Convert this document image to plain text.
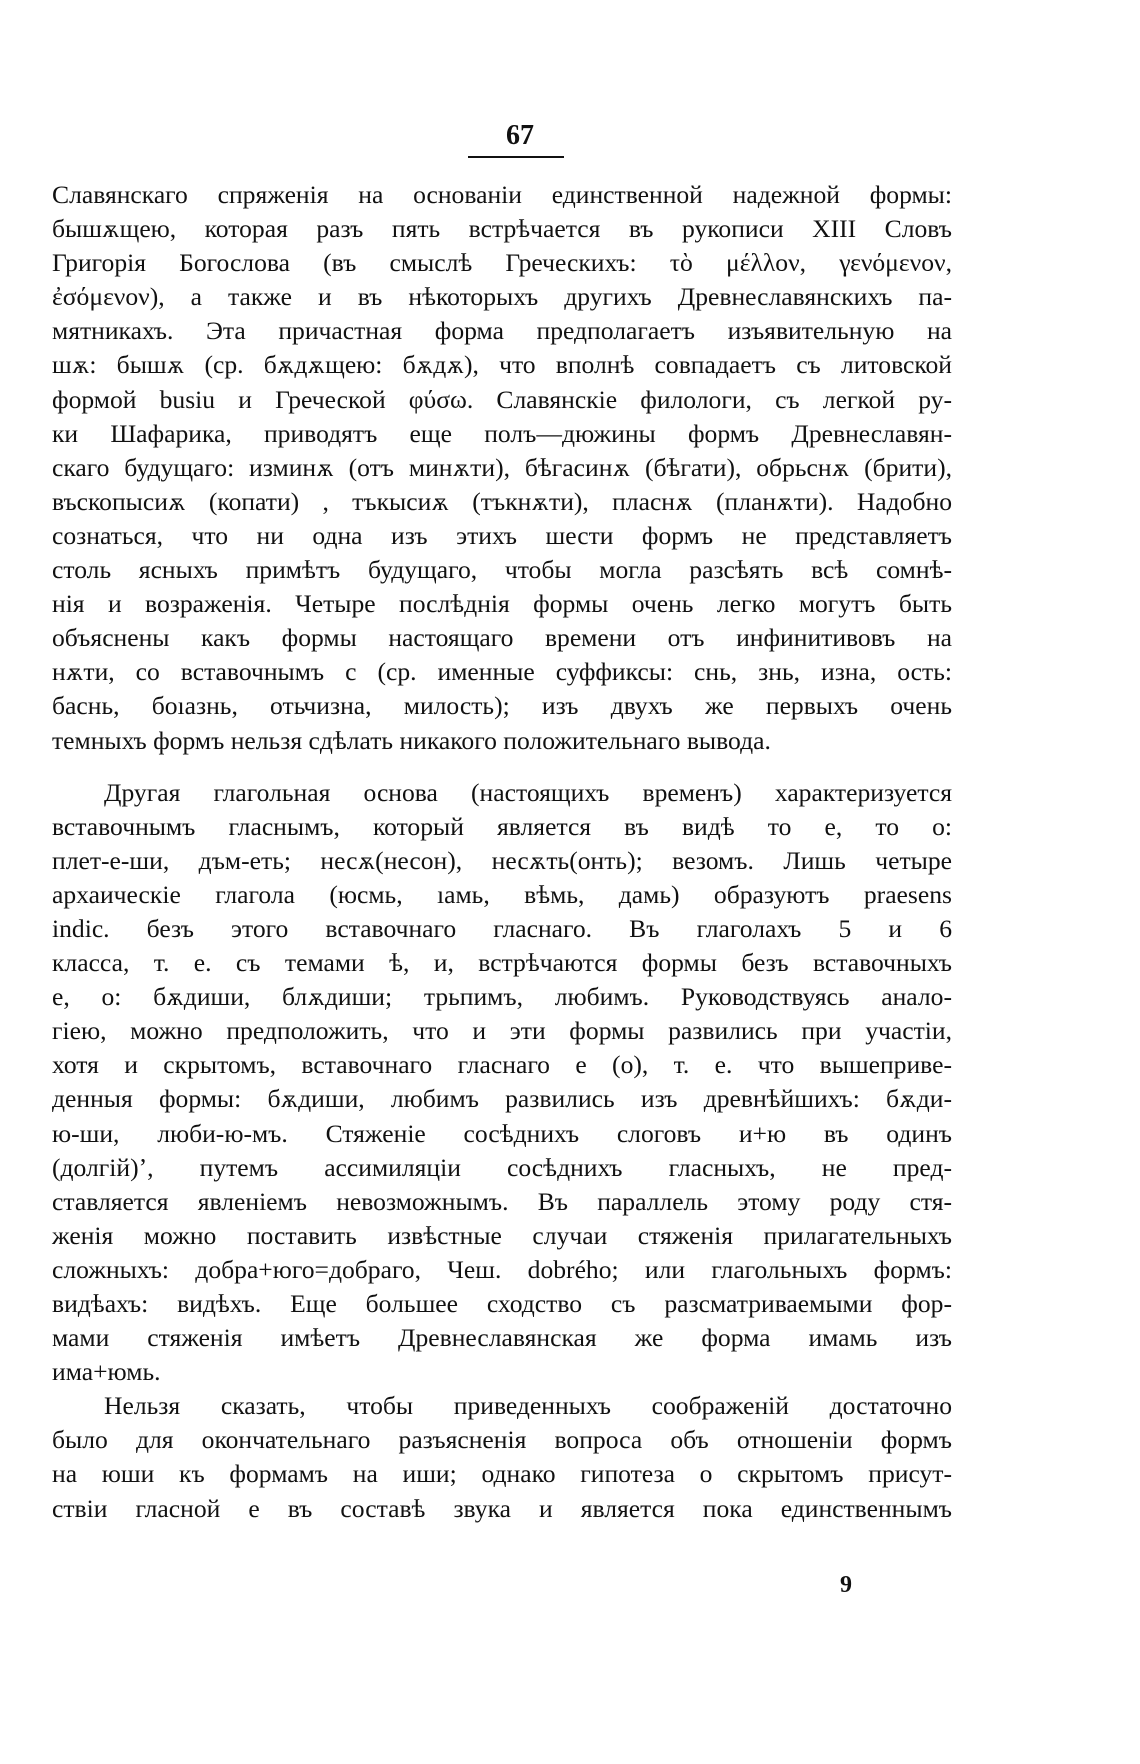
67

Славянскаго спряженія на основаніи единственной надежной формы:
бышѫщею, которая разъ пять встрѣчается въ рукописи XIII Словъ
Григорія Богослова (въ смыслѣ Греческихъ: τὸ μέλλον, γενόμενον,
ἐσόμενον), а также и въ нѣкоторыхъ другихъ Древнеславянскихъ па-
мятникахъ. Эта причастная форма предполагаетъ изъявительную на
шѫ: бышѫ (ср. бѫдѫщею: бѫдѫ), что вполнѣ совпадаетъ съ литовской
формой busiu и Греческой φύσω. Славянскіе филологи, съ легкой ру-
ки Шафарика, приводятъ еще полъ—дюжины формъ Древнеславян-
скаго будущаго: изминѫ (отъ минѫти), бѣгасинѫ (бѣгати), обрьснѫ (брити),
въскопысиѫ (копати) , тъкысиѫ (тъкнѫти), пласнѫ (планѫти). Надобно
сознаться, что ни одна изъ этихъ шести формъ не представляетъ
столь ясныхъ примѣтъ будущаго, чтобы могла разсѣять всѣ сомнѣ-
нія и возраженія. Четыре послѣднія формы очень легко могутъ быть
объяснены какъ формы настоящаго времени отъ инфинитивовъ на
нѫти, со вставочнымъ с (ср. именные суффиксы: снь, знь, изна, ость:
баснь, боıазнь, отьчизна, милость); изъ двухъ же первыхъ очень
темныхъ формъ нельзя сдѣлать никакого положительнаго вывода.

Другая глагольная основа (настоящихъ временъ) характеризуется
вставочнымъ гласнымъ, который является въ видѣ то е, то о:
плет-е-ши, дъм-еть; несѫ(несон), несѫть(онть); везомъ. Лишь четыре
архаическіе глагола (юсмь, ıамь, вѣмь, дамь) образуютъ praesens
indic. безъ этого вставочнаго гласнаго. Въ глаголахъ 5 и 6
класса, т. е. съ темами ѣ, и, встрѣчаются формы безъ вставочныхъ
е, о: бѫдиши, блѫдиши; трьпимъ, любимъ. Руководствуясь анало-
гіею, можно предположить, что и эти формы развились при участіи,
хотя и скрытомъ, вставочнаго гласнаго е (о), т. е. что вышеприве-
денныя формы: бѫдиши, любимъ развились изъ древнѣйшихъ: бѫди-
ю-ши, люби-ю-мъ. Стяженіе сосѣднихъ слоговъ и+ю въ одинъ
(долгій)ʼ, путемъ ассимиляціи сосѣднихъ гласныхъ, не пред-
ставляется явленіемъ невозможнымъ. Въ параллель этому роду стя-
женія можно поставить извѣстные случаи стяженія прилагательныхъ
сложныхъ: добра+юго=добраго, Чеш. dobrého; или глагольныхъ формъ:
видѣахъ: видѣхъ. Еще большее сходство съ разсматриваемыми фор-
мами стяженія имѣетъ Древнеславянская же форма имамь изъ
има+юмь.

Нельзя сказать, чтобы приведенныхъ соображеній достаточно
было для окончательнаго разъясненія вопроса объ отношеніи формъ
на юши къ формамъ на иши; однако гипотеза о скрытомъ присут-
ствіи гласной е въ составѣ звука и является пока единственнымъ

9
